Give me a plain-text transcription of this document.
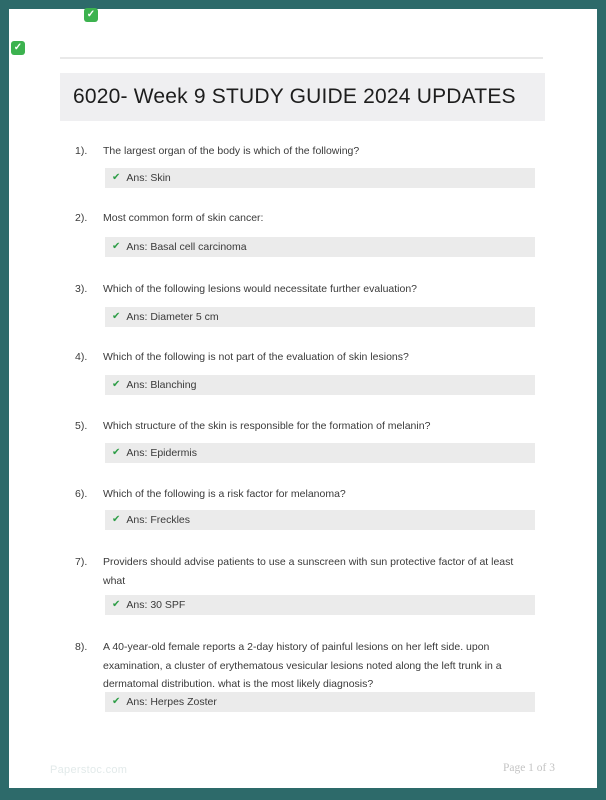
✓
✓
6020- Week 9 STUDY GUIDE 2024 UPDATES
1).	The largest organ of the body is which of the following?
✔ Ans: Skin
2).	Most common form of skin cancer:
✔ Ans: Basal cell carcinoma
3).	Which of the following lesions would necessitate further evaluation?
✔ Ans: Diameter 5 cm
4).	Which of the following is not part of the evaluation of skin lesions?
✔ Ans: Blanching
5).	Which structure of the skin is responsible for the formation of melanin?
✔ Ans: Epidermis
6).	Which of the following is a risk factor for melanoma?
✔ Ans: Freckles
7).	Providers should advise patients to use a sunscreen with sun protective factor of at least what
✔ Ans: 30 SPF
8).	A 40-year-old female reports a 2-day history of painful lesions on her left side. upon examination, a cluster of erythematous vesicular lesions noted along the left trunk in a dermatomal distribution. what is the most likely diagnosis?
✔ Ans: Herpes Zoster
Paperstoc.com	Page 1 of 3
